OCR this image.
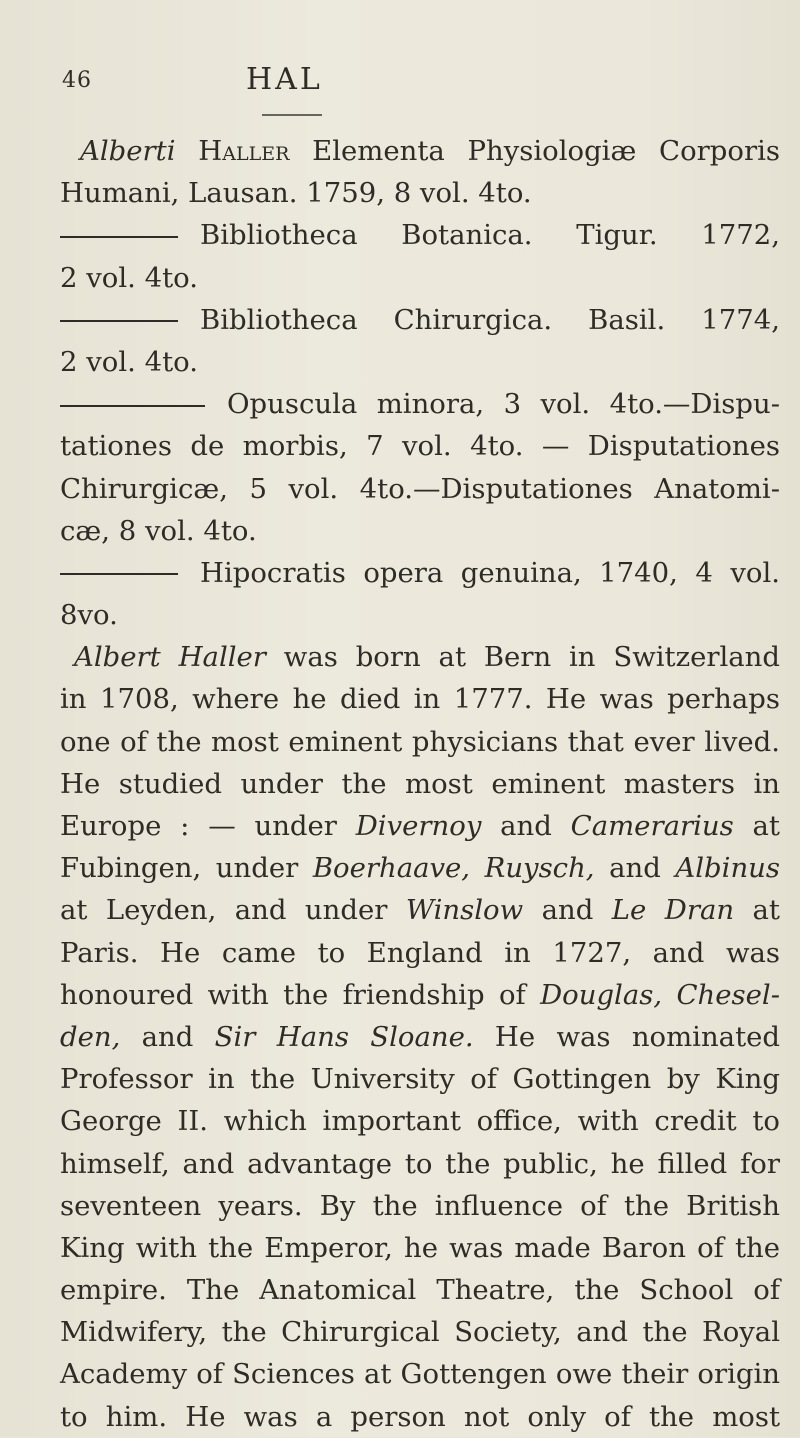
46	HAL
Alberti Haller Elementa Physiologiæ Corporis
Humani, Lausan. 1759, 8 vol. 4to.
Bibliotheca Botanica. Tigur. 1772,
2 vol. 4to.
Bibliotheca Chirurgica. Basil. 1774,
2 vol. 4to.
Opuscula minora, 3 vol. 4to.—Dispu-
tationes de morbis, 7 vol. 4to. — Disputationes
Chirurgicæ, 5 vol. 4to.—Disputationes Anatomi-
cæ, 8 vol. 4to.
Hipocratis opera genuina, 1740, 4 vol.
8vo.
Albert Haller was born at Bern in Switzerland
in 1708, where he died in 1777. He was perhaps
one of the most eminent physicians that ever lived.
He studied under the most eminent masters in
Europe : — under Divernoy and Camerarius at
Fubingen, under Boerhaave, Ruysch, and Albinus
at Leyden, and under Winslow and Le Dran at
Paris. He came to England in 1727, and was
honoured with the friendship of Douglas, Chesel-
den, and Sir Hans Sloane. He was nominated
Professor in the University of Gottingen by King
George II. which important office, with credit to
himself, and advantage to the public, he filled for
seventeen years. By the influence of the British
King with the Emperor, he was made Baron of the
empire. The Anatomical Theatre, the School of
Midwifery, the Chirurgical Society, and the Royal
Academy of Sciences at Gottengen owe their origin
to him. He was a person not only of the most
